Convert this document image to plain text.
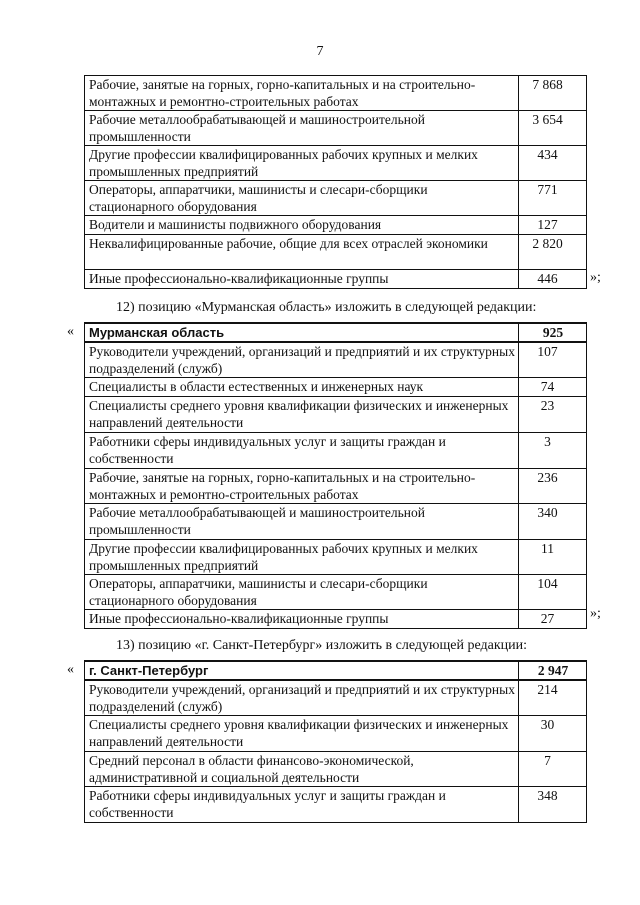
7
Рабочие, занятые на горных, горно-капитальных и на строительно-монтажных и ремонтно-строительных работах	7 868
Рабочие металлообрабатывающей и машиностроительной промышленности	3 654
Другие профессии квалифицированных рабочих крупных и мелких промышленных предприятий	434
Операторы, аппаратчики, машинисты и слесари-сборщики стационарного оборудования	771
Водители и машинисты подвижного оборудования	127
Неквалифицированные рабочие, общие для всех отраслей экономики	2 820
Иные профессионально-квалификационные группы	446 »;
12) позицию «Мурманская область» изложить в следующей редакции:
« Мурманская область	925
Руководители учреждений, организаций и предприятий и их структурных подразделений (служб)	107
Специалисты в области естественных и инженерных наук	74
Специалисты среднего уровня квалификации физических и инженерных направлений деятельности	23
Работники сферы индивидуальных услуг и защиты граждан и собственности	3
Рабочие, занятые на горных, горно-капитальных и на строительно-монтажных и ремонтно-строительных работах	236
Рабочие металлообрабатывающей и машиностроительной промышленности	340
Другие профессии квалифицированных рабочих крупных и мелких промышленных предприятий	11
Операторы, аппаратчики, машинисты и слесари-сборщики стационарного оборудования	104
Иные профессионально-квалификационные группы	27	»;
13) позицию «г. Санкт-Петербург» изложить в следующей редакции:
« г. Санкт-Петербург	2 947
Руководители учреждений, организаций и предприятий и их структурных подразделений (служб)	214
Специалисты среднего уровня квалификации физических и инженерных направлений деятельности	30
Средний персонал в области финансово-экономической, административной и социальной деятельности	7
Работники сферы индивидуальных услуг и защиты граждан и собственности	348
